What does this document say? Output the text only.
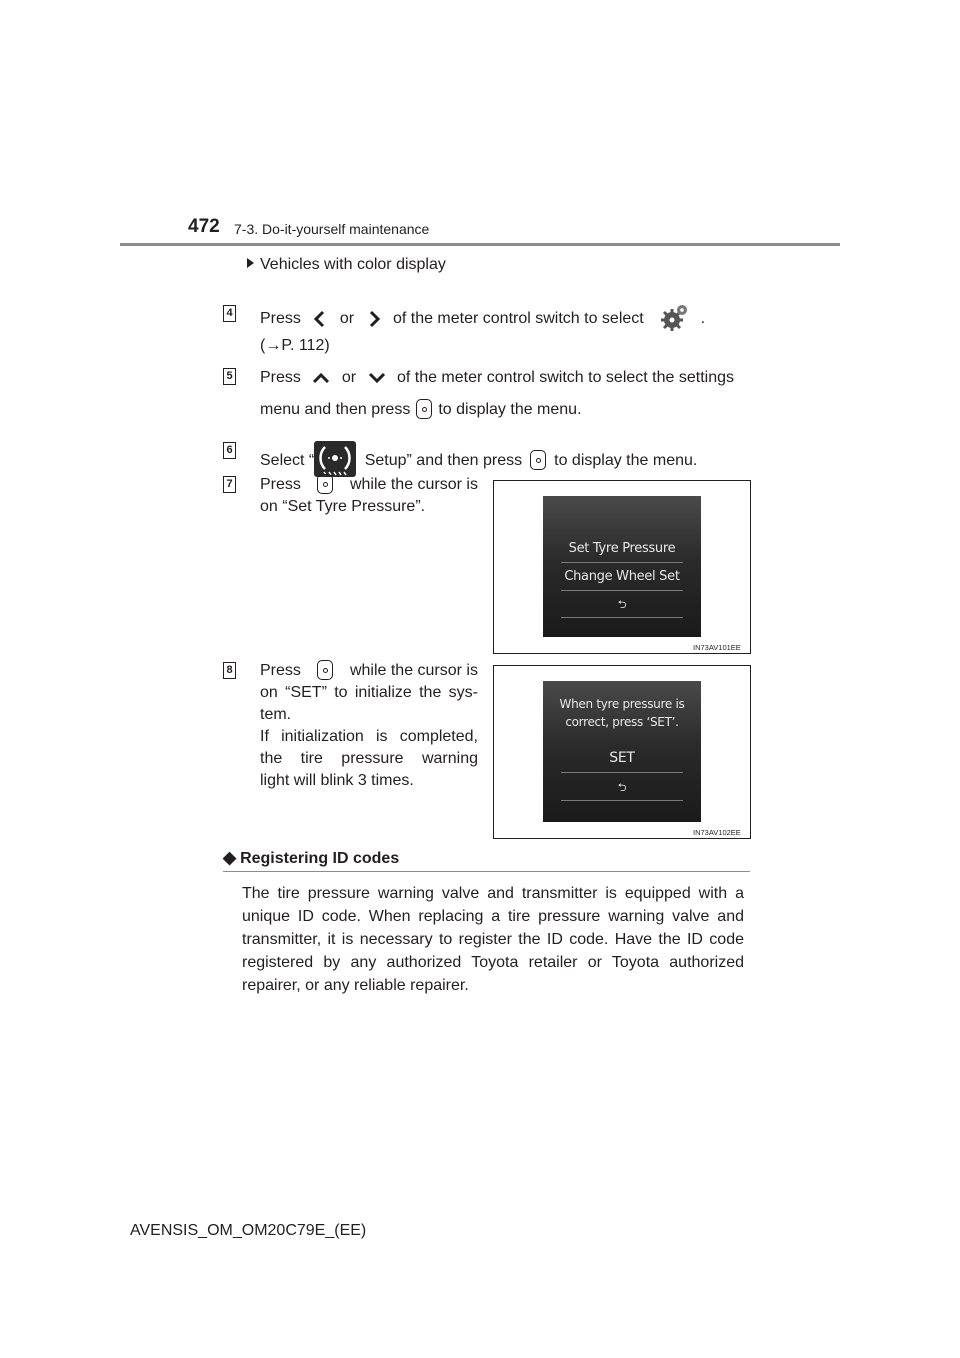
472 7-3. Do-it-yourself maintenance
Vehicles with color display
4 Press or of the meter control switch to select	.
(→P. 112)
5 Press	or	of the meter control switch to select the settings
menu and then press to display the menu.
6
Select “	Setup” and then press to display the menu.
7 Press	while the cursor is
on “Set Tyre Pressure”.
Set Tyre Pressure
Change Wheel Set
⮌
IN73AV101EE
8 Press	while the cursor is
on “SET” to initialize the sys-
tem.
If initialization is completed,
the tire pressure warning
light will blink 3 times.
When tyre pressure is
correct, press ‘SET’.
SET
⮌
IN73AV102EE
◆ Registering ID codes
The tire pressure warning valve and transmitter is equipped with a
unique ID code. When replacing a tire pressure warning valve and
transmitter, it is necessary to register the ID code. Have the ID code
registered by any authorized Toyota retailer or Toyota authorized
repairer, or any reliable repairer.
AVENSIS_OM_OM20C79E_(EE)
